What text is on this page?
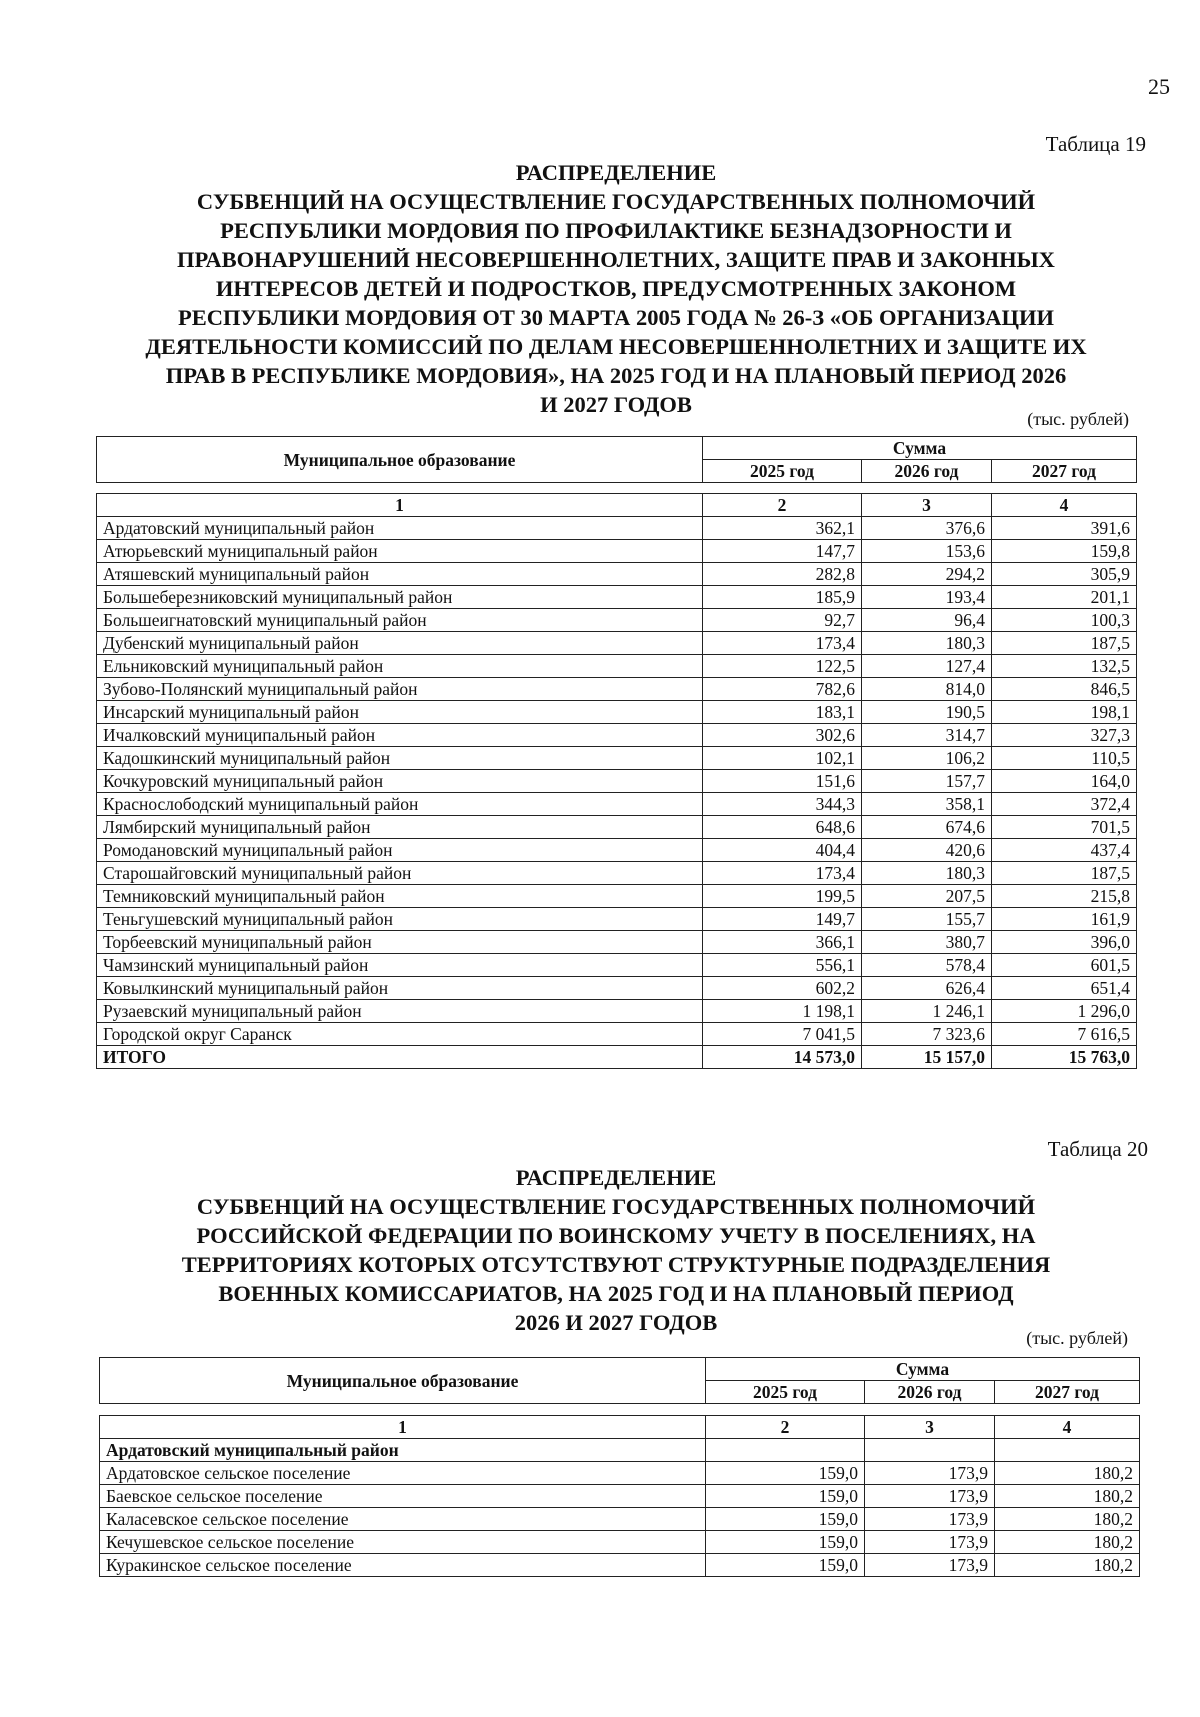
25
Таблица 19
РАСПРЕДЕЛЕНИЕ
СУБВЕНЦИЙ НА ОСУЩЕСТВЛЕНИЕ ГОСУДАРСТВЕННЫХ ПОЛНОМОЧИЙ
РЕСПУБЛИКИ МОРДОВИЯ ПО ПРОФИЛАКТИКЕ БЕЗНАДЗОРНОСТИ И
ПРАВОНАРУШЕНИЙ НЕСОВЕРШЕННОЛЕТНИХ, ЗАЩИТЕ ПРАВ И ЗАКОННЫХ
ИНТЕРЕСОВ ДЕТЕЙ И ПОДРОСТКОВ, ПРЕДУСМОТРЕННЫХ ЗАКОНОМ
РЕСПУБЛИКИ МОРДОВИЯ ОТ 30 МАРТА 2005 ГОДА № 26-З «ОБ ОРГАНИЗАЦИИ
ДЕЯТЕЛЬНОСТИ КОМИССИЙ ПО ДЕЛАМ НЕСОВЕРШЕННОЛЕТНИХ И ЗАЩИТЕ ИХ
ПРАВ В РЕСПУБЛИКЕ МОРДОВИЯ», НА 2025 ГОД И НА ПЛАНОВЫЙ ПЕРИОД 2026
И 2027 ГОДОВ
(тыс. рублей)
Муниципальное образование	Сумма		
	2025 год	2026 год	2027 год
1	2	3	4
Ардатовский муниципальный район	362,1	376,6	391,6
Атюрьевский муниципальный район	147,7	153,6	159,8
Атяшевский муниципальный район	282,8	294,2	305,9
Большеберезниковский муниципальный район	185,9	193,4	201,1
Большеигнатовский муниципальный район	92,7	96,4	100,3
Дубенский муниципальный район	173,4	180,3	187,5
Ельниковский муниципальный район	122,5	127,4	132,5
Зубово-Полянский муниципальный район	782,6	814,0	846,5
Инсарский муниципальный район	183,1	190,5	198,1
Ичалковский муниципальный район	302,6	314,7	327,3
Кадошкинский муниципальный район	102,1	106,2	110,5
Кочкуровский муниципальный район	151,6	157,7	164,0
Краснослободский муниципальный район	344,3	358,1	372,4
Лямбирский муниципальный район	648,6	674,6	701,5
Ромодановский муниципальный район	404,4	420,6	437,4
Старошайговский муниципальный район	173,4	180,3	187,5
Темниковский муниципальный район	199,5	207,5	215,8
Теньгушевский муниципальный район	149,7	155,7	161,9
Торбеевский муниципальный район	366,1	380,7	396,0
Чамзинский муниципальный район	556,1	578,4	601,5
Ковылкинский муниципальный район	602,2	626,4	651,4
Рузаевский муниципальный район	1 198,1	1 246,1	1 296,0
Городской округ Саранск	7 041,5	7 323,6	7 616,5
ИТОГО	14 573,0	15 157,0	15 763,0
Таблица 20
РАСПРЕДЕЛЕНИЕ
СУБВЕНЦИЙ НА ОСУЩЕСТВЛЕНИЕ ГОСУДАРСТВЕННЫХ ПОЛНОМОЧИЙ
РОССИЙСКОЙ ФЕДЕРАЦИИ ПО ВОИНСКОМУ УЧЕТУ В ПОСЕЛЕНИЯХ, НА
ТЕРРИТОРИЯХ КОТОРЫХ ОТСУТСТВУЮТ СТРУКТУРНЫЕ ПОДРАЗДЕЛЕНИЯ
ВОЕННЫХ КОМИССАРИАТОВ, НА 2025 ГОД И НА ПЛАНОВЫЙ ПЕРИОД
2026 И 2027 ГОДОВ
(тыс. рублей)
Муниципальное образование	Сумма		
	2025 год	2026 год	2027 год
1	2	3	4
Ардатовский муниципальный район			
Ардатовское сельское поселение	159,0	173,9	180,2
Баевское сельское поселение	159,0	173,9	180,2
Каласевское сельское поселение	159,0	173,9	180,2
Кечушевское сельское поселение	159,0	173,9	180,2
Куракинское сельское поселение	159,0	173,9	180,2
